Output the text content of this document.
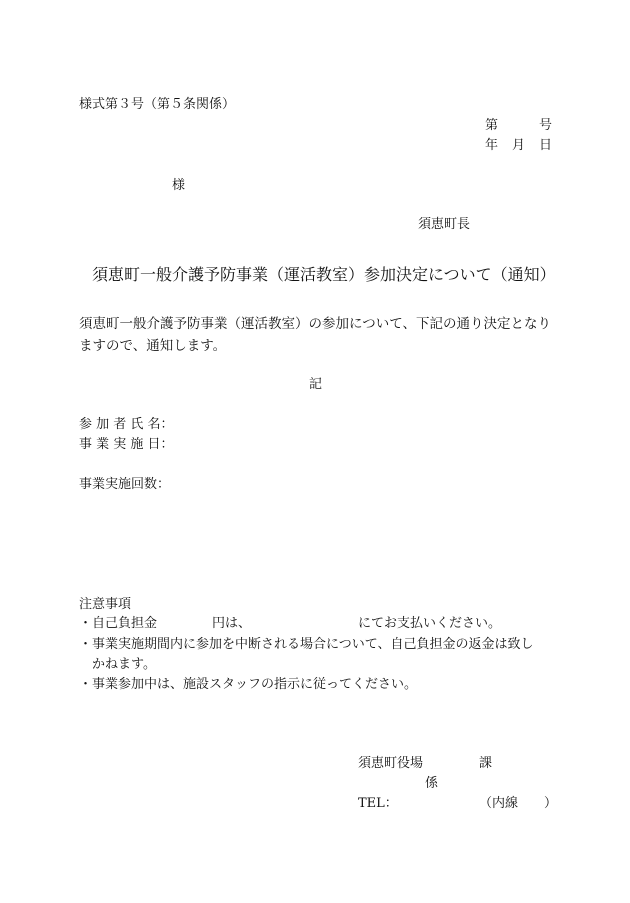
様式第３号（第５条関係）
第	号
年 月 日
様
須恵町長
須恵町一般介護予防事業（運活教室）参加決定について（通知）
須恵町一般介護予防事業（運活教室）の参加について、下記の通り決定となり
ますので、通知します。
記
参 加 者 氏 名：
事 業 実 施 日：
事業実施回数：
注意事項
・自己負担金	円は、	にてお支払いください。
・事業実施期間内に参加を中断される場合について、自己負担金の返金は致し
かねます。
・事業参加中は、施設スタッフの指示に従ってください。
須恵町役場	課
係
TEL：	（内線　　）
